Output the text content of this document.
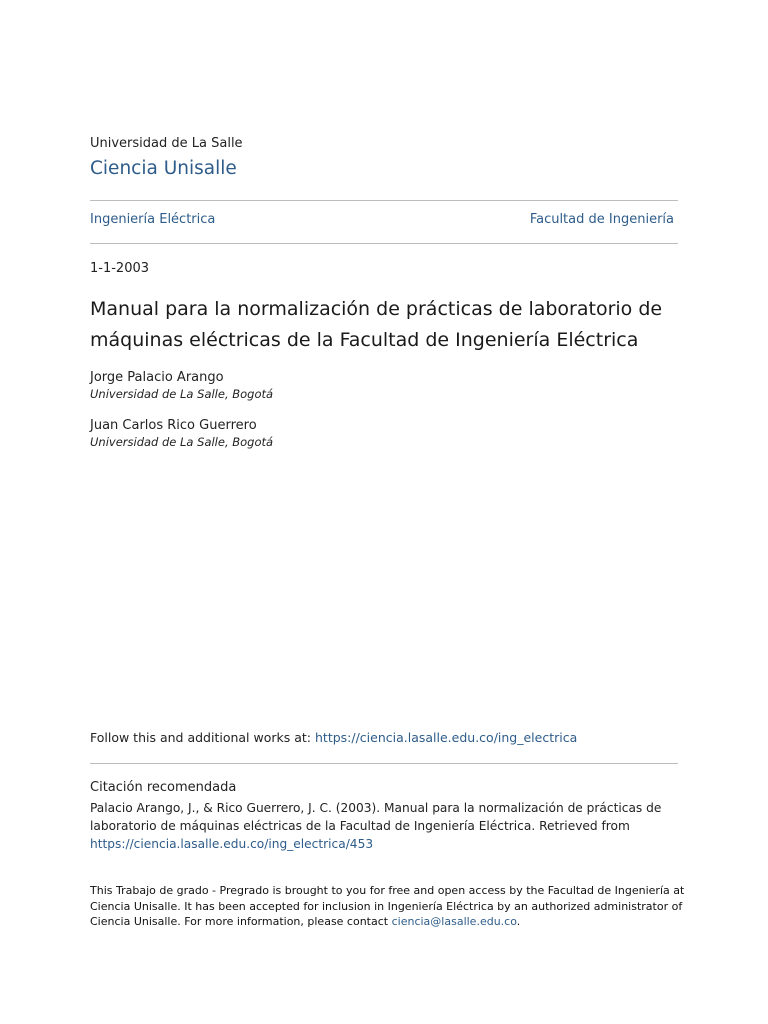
Universidad de La Salle
Ciencia Unisalle
Ingeniería Eléctrica	Facultad de Ingeniería
1-1-2003
Manual para la normalización de prácticas de laboratorio de máquinas eléctricas de la Facultad de Ingeniería Eléctrica
Jorge Palacio Arango
Universidad de La Salle, Bogotá
Juan Carlos Rico Guerrero
Universidad de La Salle, Bogotá
Follow this and additional works at: https://ciencia.lasalle.edu.co/ing_electrica
Citación recomendada
Palacio Arango, J., & Rico Guerrero, J. C. (2003). Manual para la normalización de prácticas de laboratorio de máquinas eléctricas de la Facultad de Ingeniería Eléctrica. Retrieved from
https://ciencia.lasalle.edu.co/ing_electrica/453
This Trabajo de grado - Pregrado is brought to you for free and open access by the Facultad de Ingeniería at Ciencia Unisalle. It has been accepted for inclusion in Ingeniería Eléctrica by an authorized administrator of Ciencia Unisalle. For more information, please contact ciencia@lasalle.edu.co.
